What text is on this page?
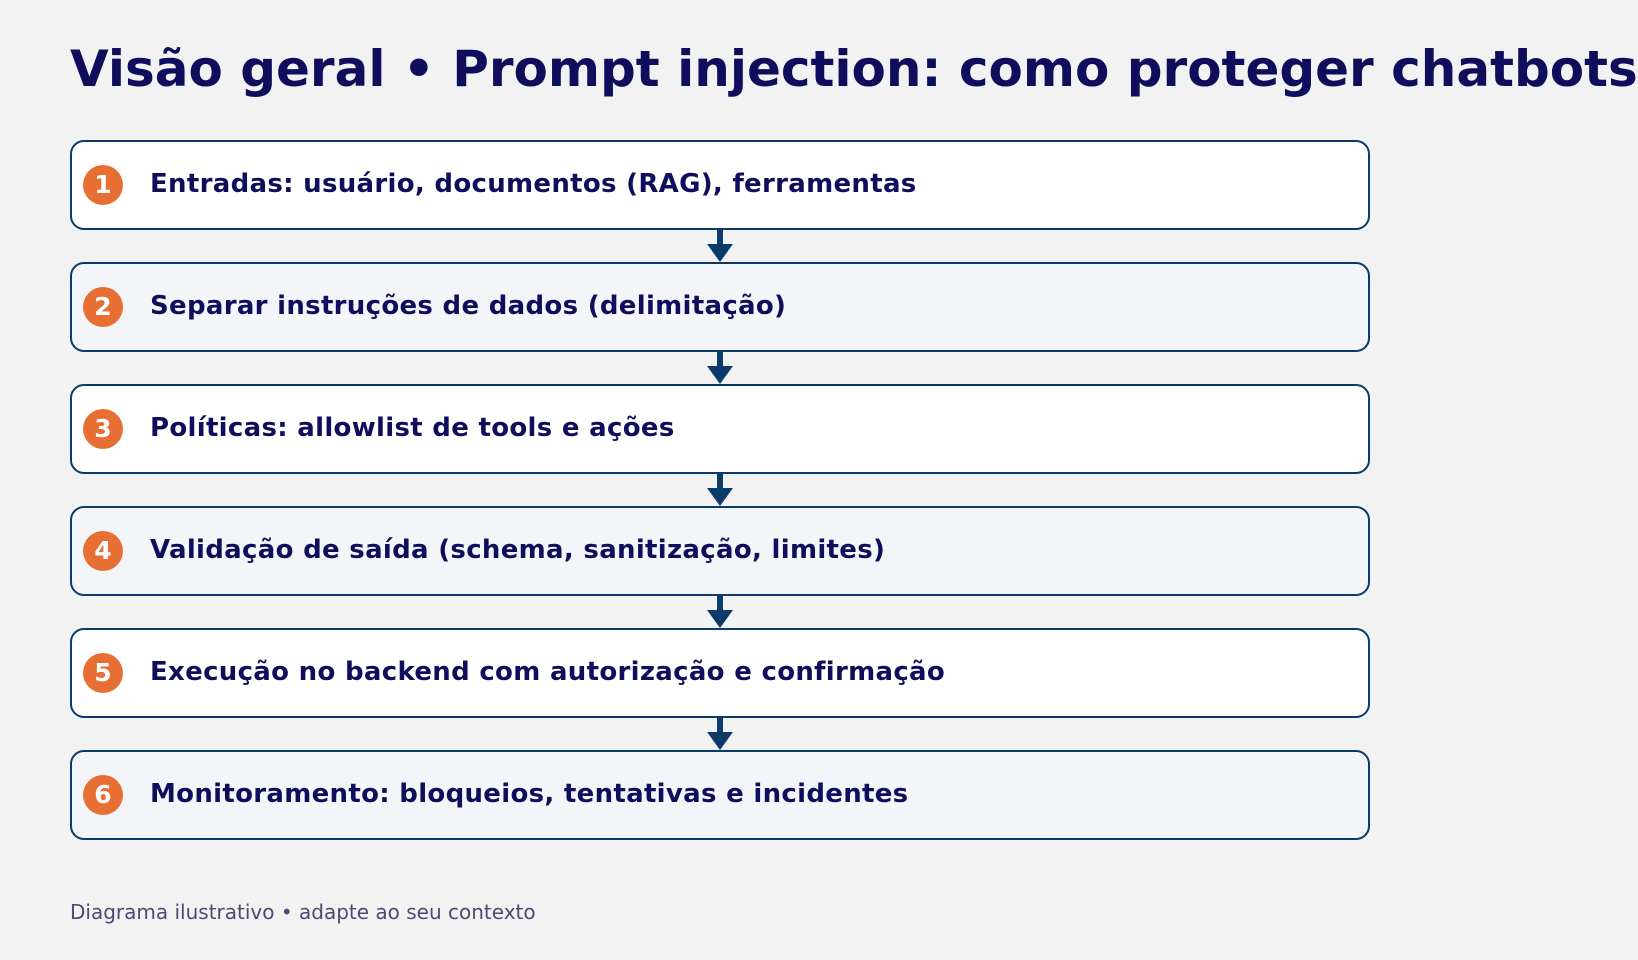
Visão geral • Prompt injection: como proteger chatbots
1	Entradas: usuário, documentos (RAG), ferramentas
2	Separar instruções de dados (delimitação)
3	Políticas: allowlist de tools e ações
4	Validação de saída (schema, sanitização, limites)
5	Execução no backend com autorização e confirmação
6	Monitoramento: bloqueios, tentativas e incidentes
Diagrama ilustrativo • adapte ao seu contexto
